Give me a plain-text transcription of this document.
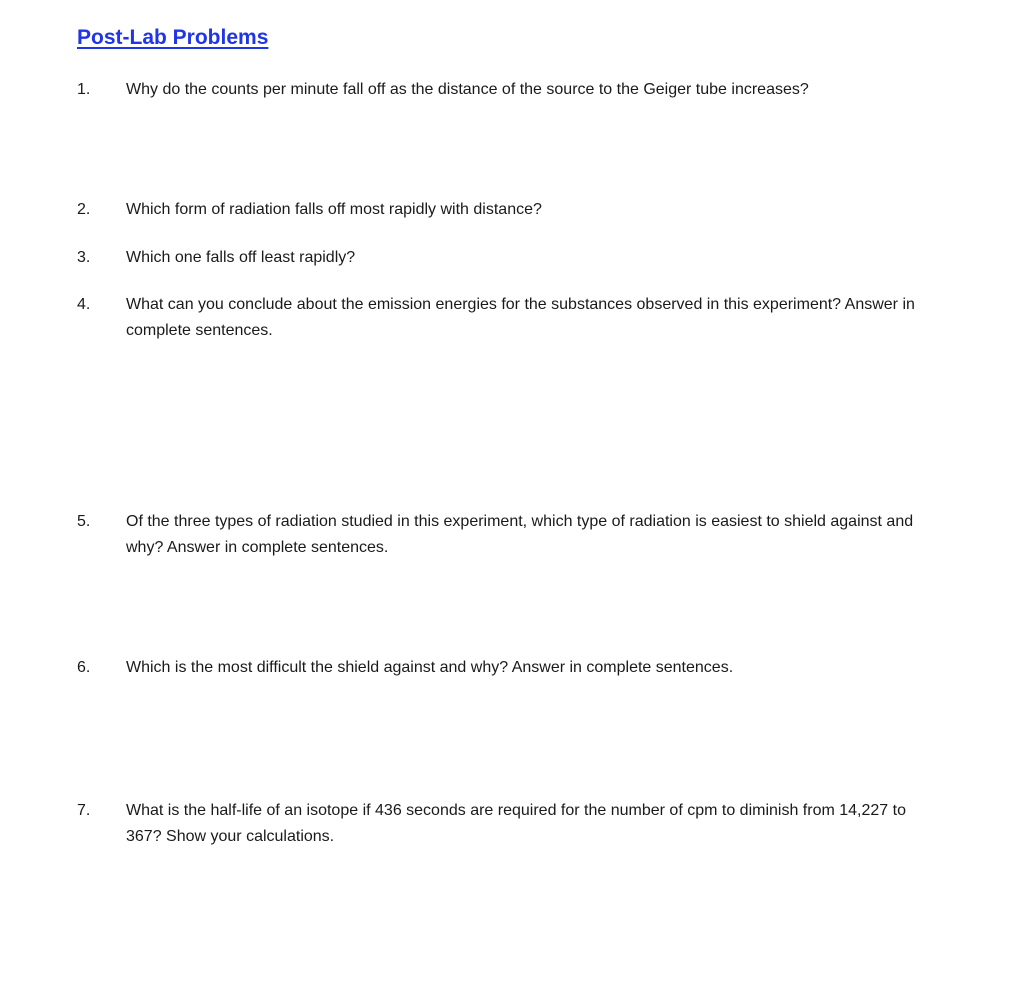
Post-Lab Problems
1. Why do the counts per minute fall off as the distance of the source to the Geiger tube increases?
2. Which form of radiation falls off most rapidly with distance?
3. Which one falls off least rapidly?
4. What can you conclude about the emission energies for the substances observed in this experiment? Answer in complete sentences.
5. Of the three types of radiation studied in this experiment, which type of radiation is easiest to shield against and why? Answer in complete sentences.
6. Which is the most difficult the shield against and why? Answer in complete sentences.
7. What is the half-life of an isotope if 436 seconds are required for the number of cpm to diminish from 14,227 to 367? Show your calculations.
